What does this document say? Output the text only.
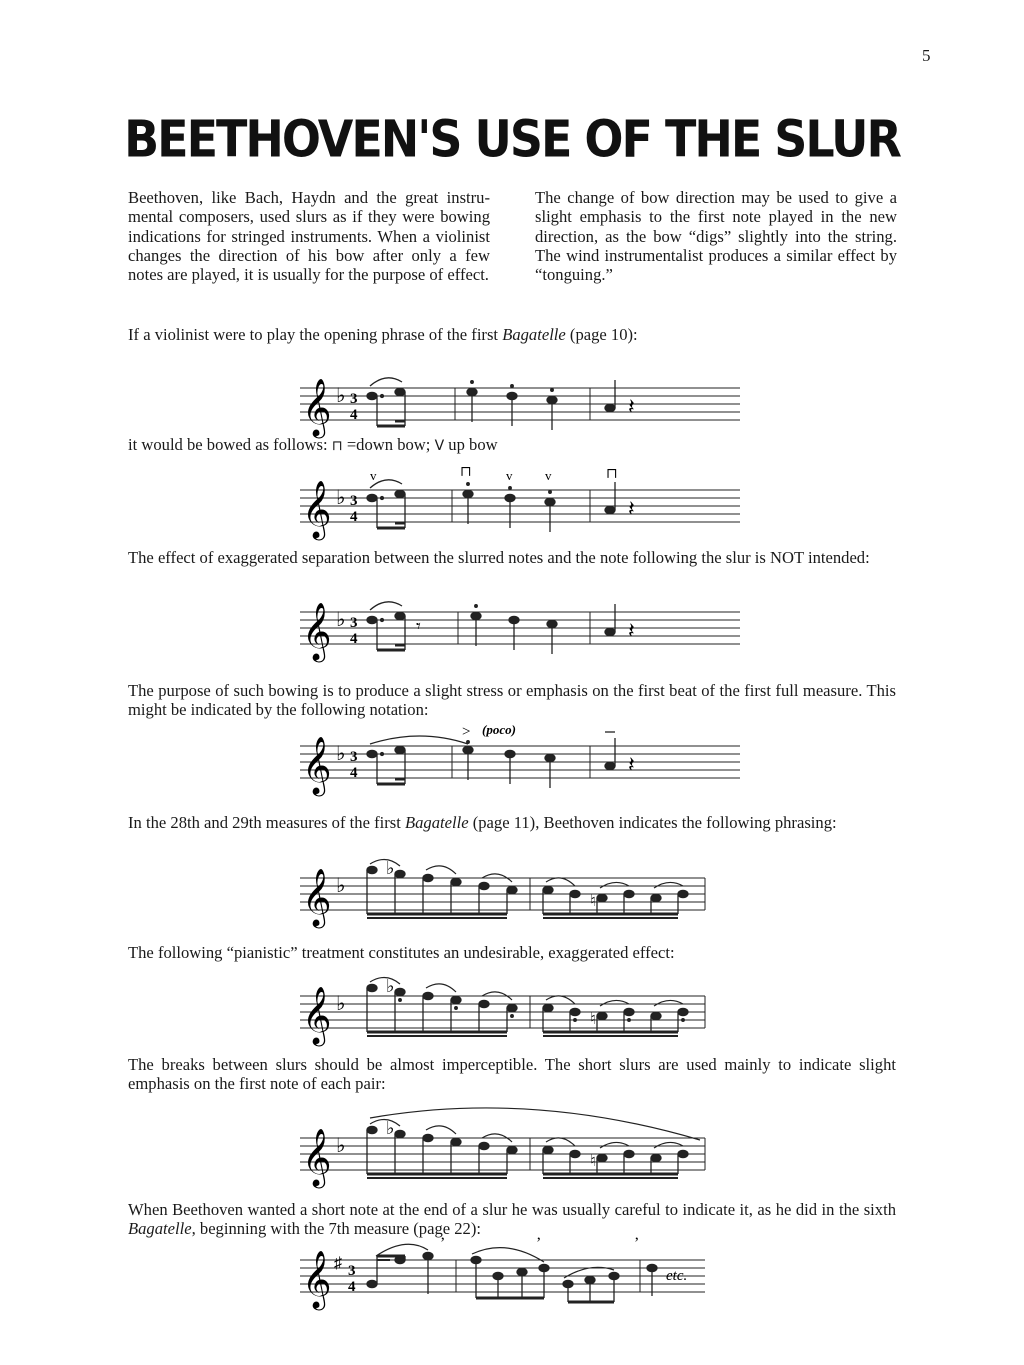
5
BEETHOVEN'S USE OF THE SLUR
Beethoven, like Bach, Haydn and the great instrumental composers, used slurs as if they were bowing indications for stringed instruments. When a violinist changes the direction of his bow after only a few notes are played, it is usually for the purpose of effect.
The change of bow direction may be used to give a slight emphasis to the first note played in the new direction, as the bow “digs” slightly into the string. The wind instrumentalist produces a similar effect by “tonguing.”

If a violinist were to play the opening phrase of the first Bagatelle (page 10):

𝄞 ♭ 3
4	𝄽

it would be bowed as follows: ⊓ =down bow; V up bow

𝄞 ♭ 3
4
v	⊓	v	v	⊓
𝄽

The effect of exaggerated separation between the slurred notes and the note following the slur is NOT intended:

𝄞 ♭ 3
4
𝄾	𝄽

The purpose of such bowing is to produce a slight stress or emphasis on the first beat of the first full measure. This might be indicated by the following notation:

𝄞 ♭ 3
4
> (poco)
𝄽

In the 28th and 29th measures of the first Bagatelle (page 11), Beethoven indicates the following phrasing:

𝄞 ♭
♭
♮

The following “pianistic” treatment constitutes an undesirable, exaggerated effect:

𝄞 ♭
♭
♮

The breaks between slurs should be almost imperceptible. The short slurs are used mainly to indicate slight emphasis on the first note of each pair:

𝄞 ♭
♭
♮

When Beethoven wanted a short note at the end of a slur he was usually careful to indicate it, as he did in the sixth Bagatelle, beginning with the 7th measure (page 22):

𝄞 ♯ 3
4
’	’	’
etc.
